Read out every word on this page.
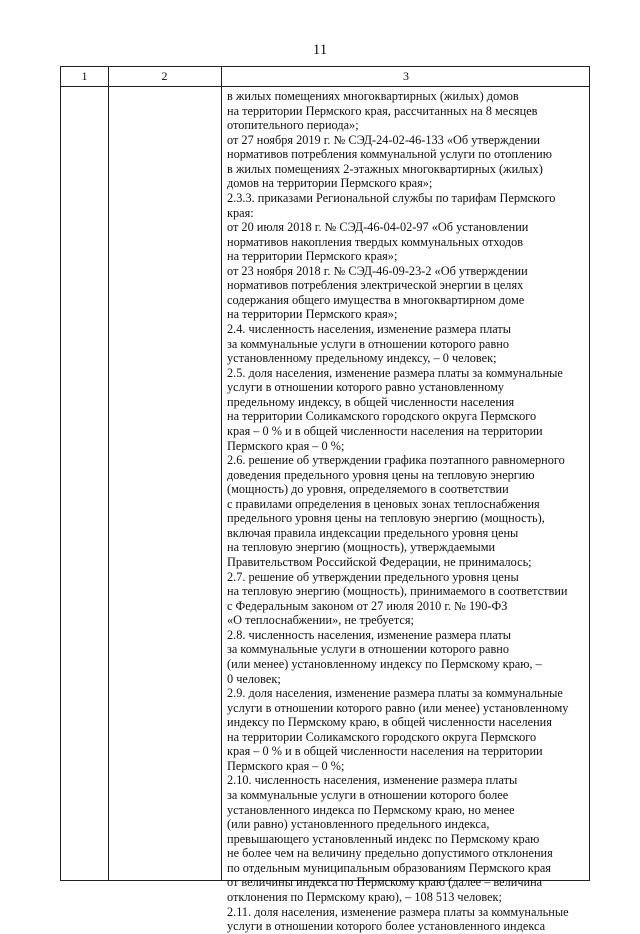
11
1	2	3
в жилых помещениях многоквартирных (жилых) домов
на территории Пермского края, рассчитанных на 8 месяцев
отопительного периода»;
от 27 ноября 2019 г. № СЭД-24-02-46-133 «Об утверждении
нормативов потребления коммунальной услуги по отоплению
в жилых помещениях 2-этажных многоквартирных (жилых)
домов на территории Пермского края»;
2.3.3. приказами Региональной службы по тарифам Пермского
края:
от 20 июля 2018 г. № СЭД-46-04-02-97 «Об установлении
нормативов накопления твердых коммунальных отходов
на территории Пермского края»;
от 23 ноября 2018 г. № СЭД-46-09-23-2 «Об утверждении
нормативов потребления электрической энергии в целях
содержания общего имущества в многоквартирном доме
на территории Пермского края»;
2.4. численность населения, изменение размера платы
за коммунальные услуги в отношении которого равно
установленному предельному индексу, – 0 человек;
2.5. доля населения, изменение размера платы за коммунальные
услуги в отношении которого равно установленному
предельному индексу, в общей численности населения
на территории Соликамского городского округа Пермского
края – 0 % и в общей численности населения на территории
Пермского края – 0 %;
2.6. решение об утверждении графика поэтапного равномерного
доведения предельного уровня цены на тепловую энергию
(мощность) до уровня, определяемого в соответствии
с правилами определения в ценовых зонах теплоснабжения
предельного уровня цены на тепловую энергию (мощность),
включая правила индексации предельного уровня цены
на тепловую энергию (мощность), утверждаемыми
Правительством Российской Федерации, не принималось;
2.7. решение об утверждении предельного уровня цены
на тепловую энергию (мощность), принимаемого в соответствии
с Федеральным законом от 27 июля 2010 г. № 190-ФЗ
«О теплоснабжении», не требуется;
2.8. численность населения, изменение размера платы
за коммунальные услуги в отношении которого равно
(или менее) установленному индексу по Пермскому краю, –
0 человек;
2.9. доля населения, изменение размера платы за коммунальные
услуги в отношении которого равно (или менее) установленному
индексу по Пермскому краю, в общей численности населения
на территории Соликамского городского округа Пермского
края – 0 % и в общей численности населения на территории
Пермского края – 0 %;
2.10. численность населения, изменение размера платы
за коммунальные услуги в отношении которого более
установленного индекса по Пермскому краю, но менее
(или равно) установленного предельного индекса,
превышающего установленный индекс по Пермскому краю
не более чем на величину предельно допустимого отклонения
по отдельным муниципальным образованиям Пермского края
от величины индекса по Пермскому краю (далее – величина
отклонения по Пермскому краю), – 108 513 человек;
2.11. доля населения, изменение размера платы за коммунальные
услуги в отношении которого более установленного индекса
